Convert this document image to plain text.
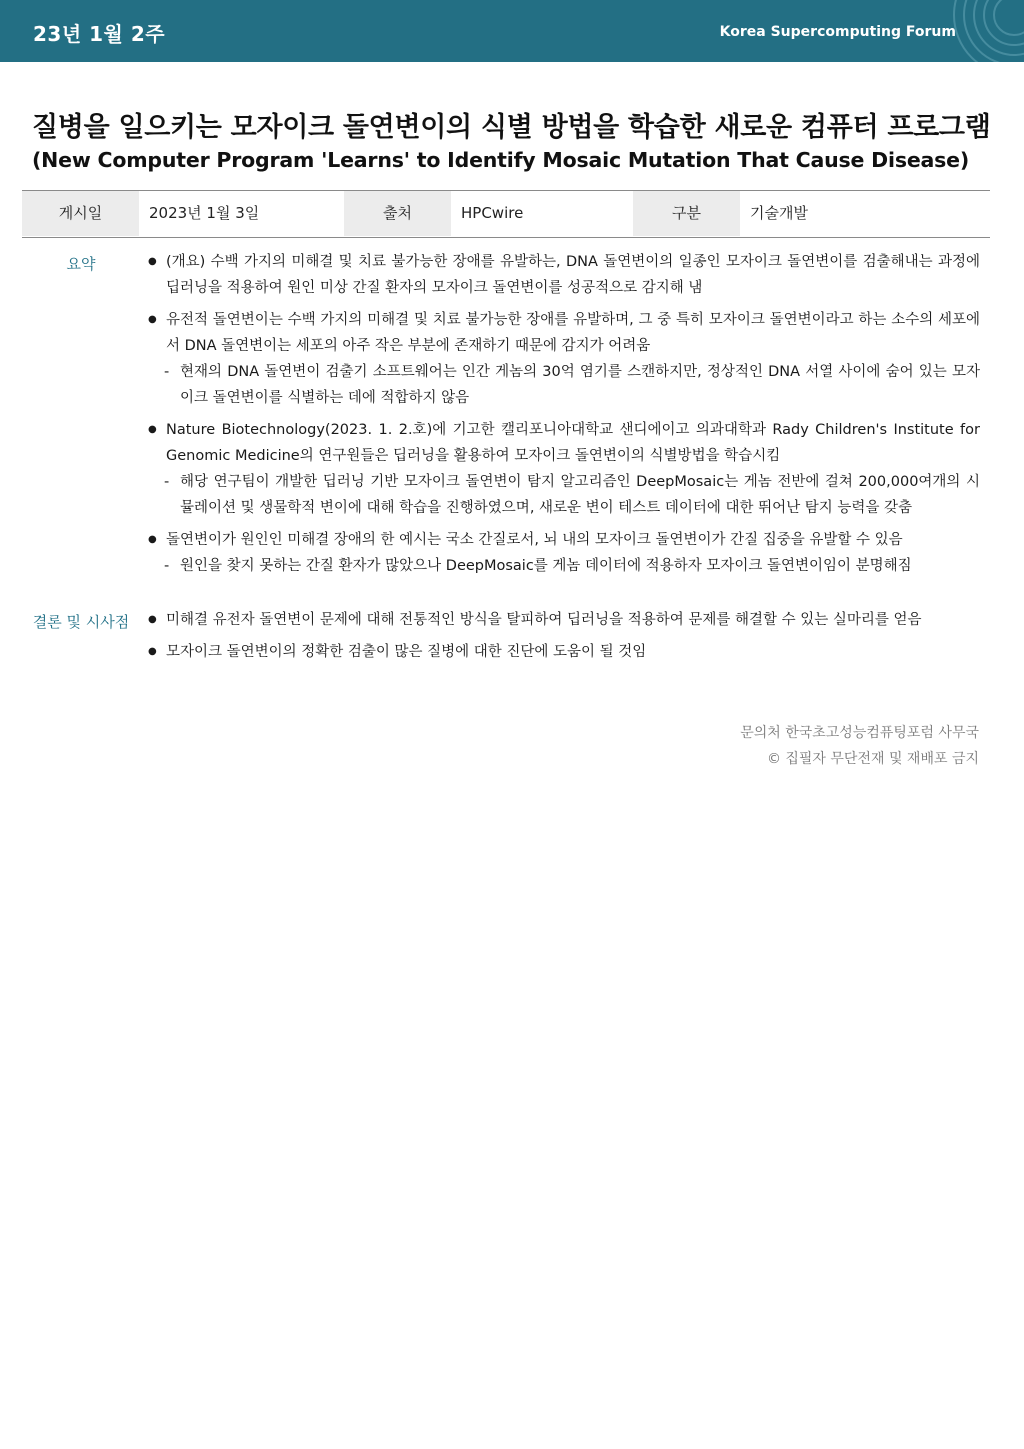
23년 1월 2주	Korea Supercomputing Forum
질병을 일으키는 모자이크 돌연변이의 식별 방법을 학습한 새로운 컴퓨터 프로그램
(New Computer Program 'Learns' to Identify Mosaic Mutation That Cause Disease)
게시일	2023년 1월 3일	출처	HPCwire	구분	기술개발
요약	● (개요) 수백 가지의 미해결 및 치료 불가능한 장애를 유발하는, DNA 돌연변이의 일종인 모자이크 돌연변이를 검출해내는 과정에 딥러닝을 적용하여 원인 미상 간질 환자의 모자이크 돌연변이를 성공적으로 감지해 냄
● 유전적 돌연변이는 수백 가지의 미해결 및 치료 불가능한 장애를 유발하며, 그 중 특히 모자이크 돌연변이라고 하는 소수의 세포에서 DNA 돌연변이는 세포의 아주 작은 부분에 존재하기 때문에 감지가 어려움
- 현재의 DNA 돌연변이 검출기 소프트웨어는 인간 게놈의 30억 염기를 스캔하지만, 정상적인 DNA 서열 사이에 숨어 있는 모자이크 돌연변이를 식별하는 데에 적합하지 않음
● Nature Biotechnology(2023. 1. 2.호)에 기고한 캘리포니아대학교 샌디에이고 의과대학과 Rady Children's Institute for Genomic Medicine의 연구원들은 딥러닝을 활용하여 모자이크 돌연변이의 식별방법을 학습시킴
- 해당 연구팀이 개발한 딥러닝 기반 모자이크 돌연변이 탐지 알고리즘인 DeepMosaic는 게놈 전반에 걸쳐 200,000여개의 시뮬레이션 및 생물학적 변이에 대해 학습을 진행하였으며, 새로운 변이 테스트 데이터에 대한 뛰어난 탐지 능력을 갖춤
● 돌연변이가 원인인 미해결 장애의 한 예시는 국소 간질로서, 뇌 내의 모자이크 돌연변이가 간질 집중을 유발할 수 있음
- 원인을 찾지 못하는 간질 환자가 많았으나 DeepMosaic를 게놈 데이터에 적용하자 모자이크 돌연변이임이 분명해짐
결론 및 시사점	● 미해결 유전자 돌연변이 문제에 대해 전통적인 방식을 탈피하여 딥러닝을 적용하여 문제를 해결할 수 있는 실마리를 얻음
● 모자이크 돌연변이의 정확한 검출이 많은 질병에 대한 진단에 도움이 될 것임
문의처 한국초고성능컴퓨팅포럼 사무국
© 집필자 무단전재 및 재배포 금지
